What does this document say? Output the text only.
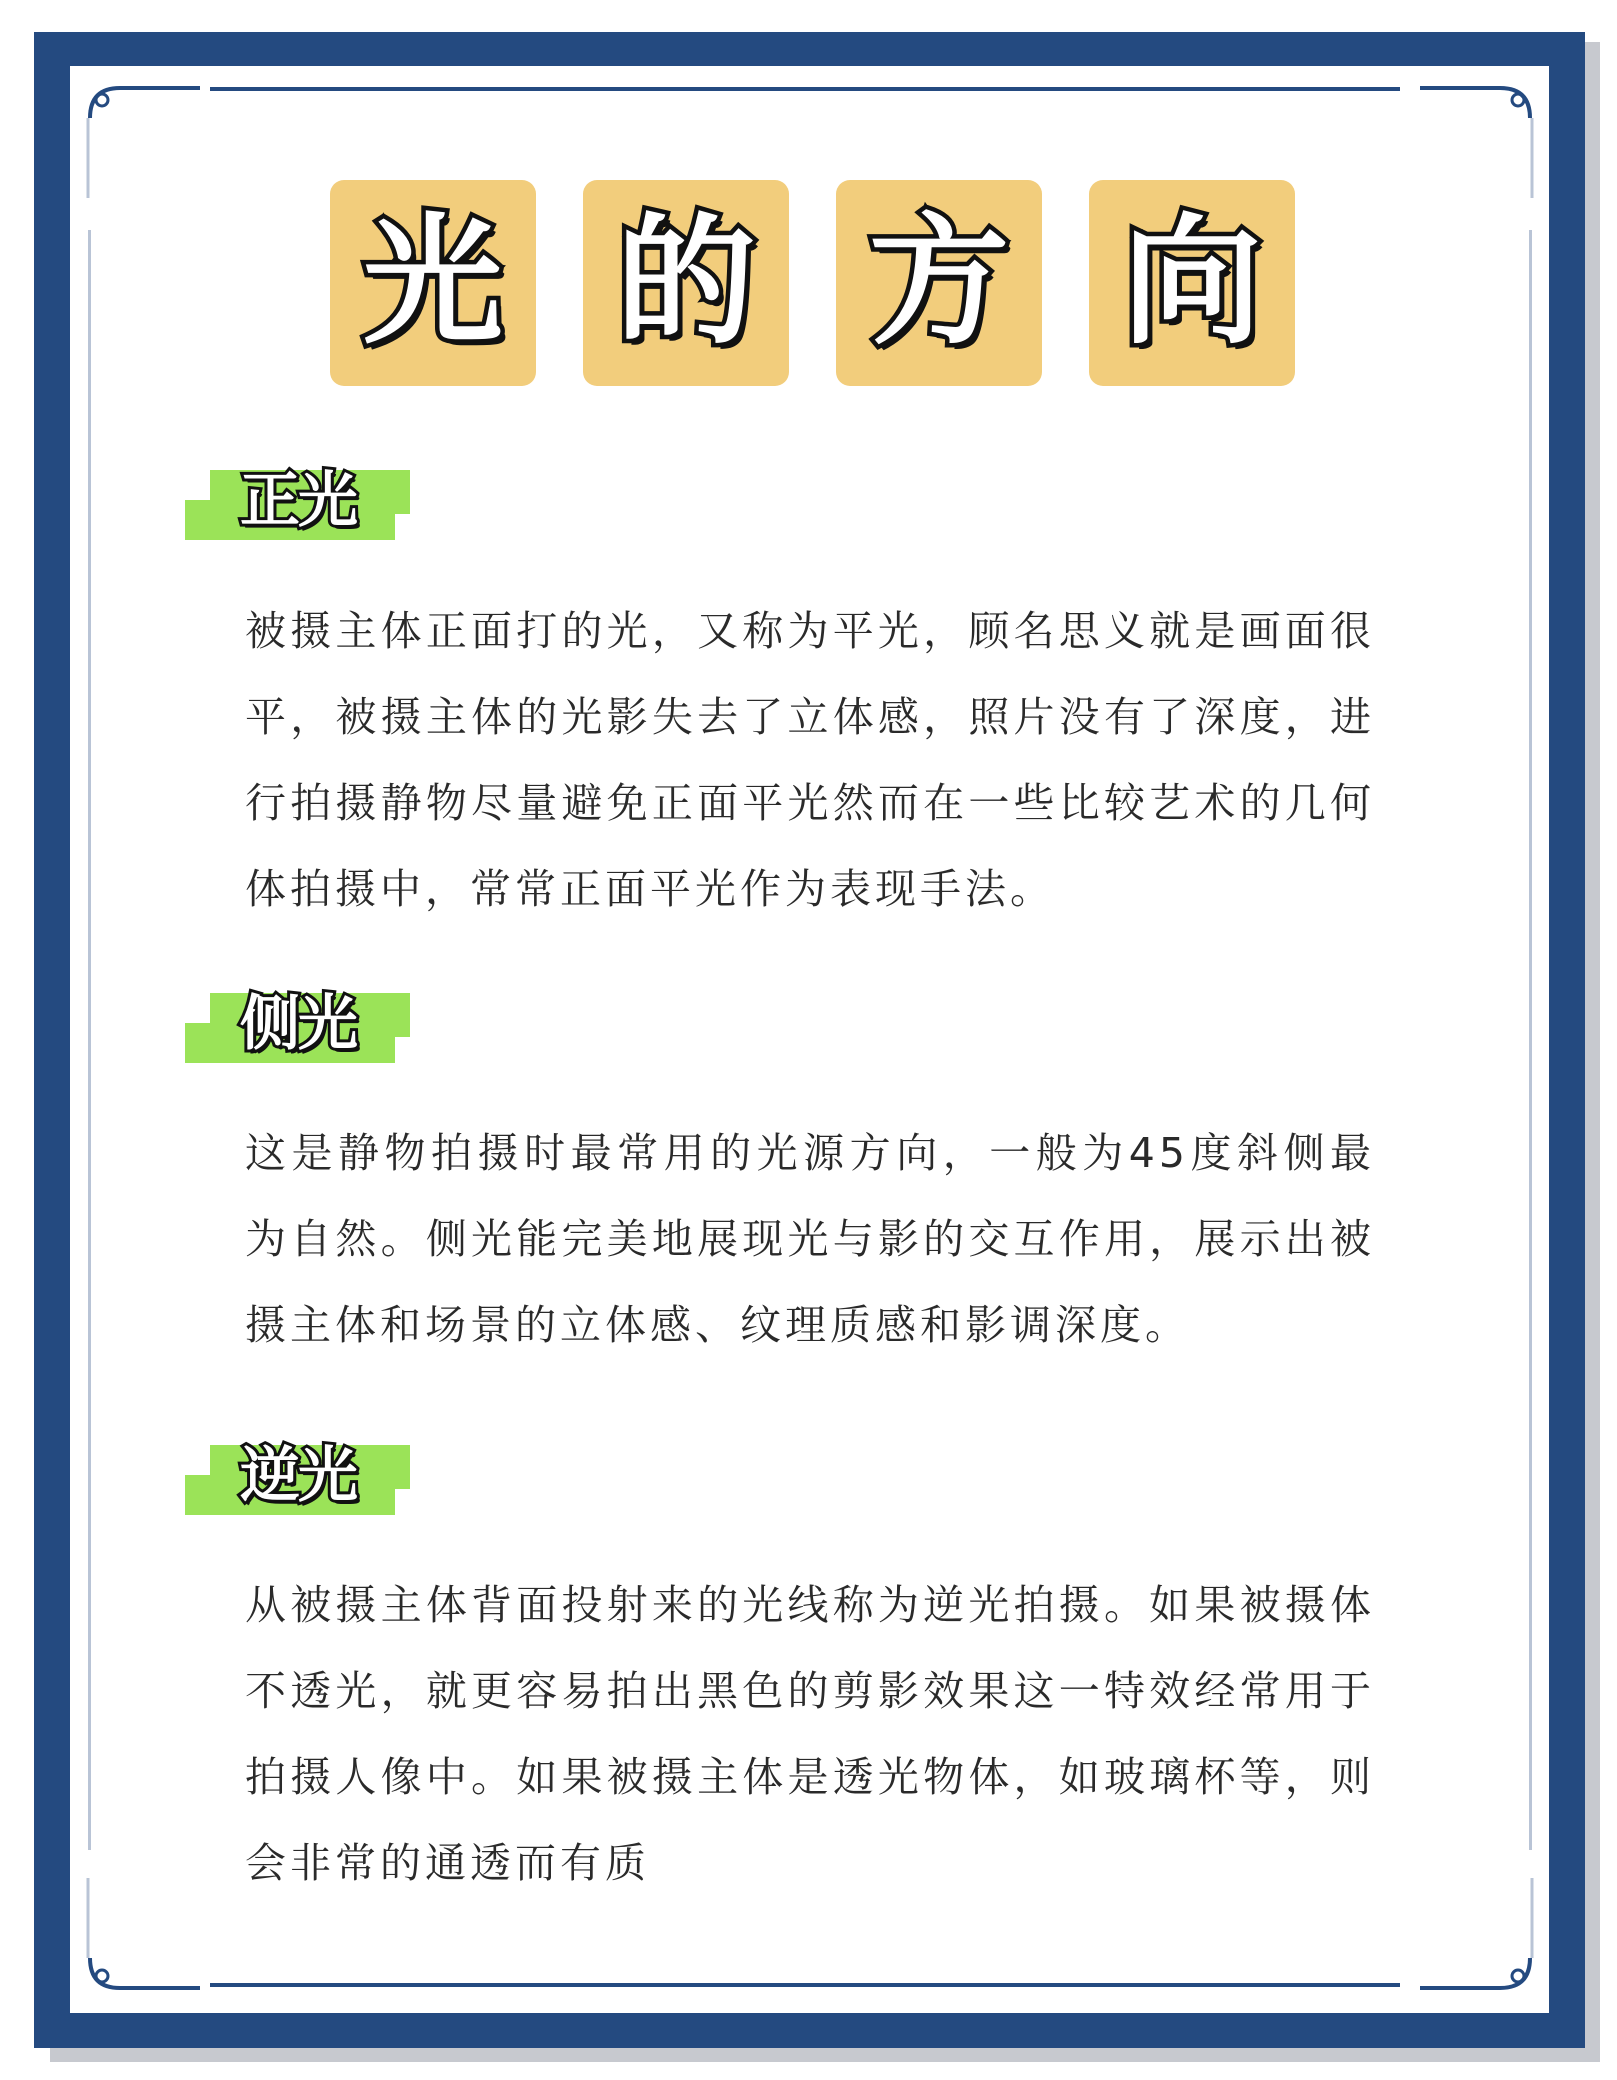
光 的 方 向
正光

被摄主体正面打的光，又称为平光，顾名思义就是画面很平，被摄主体的光影失去了立体感，照片没有了深度，进行拍摄静物尽量避免正面平光然而在一些比较艺术的几何体拍摄中，常常正面平光作为表现手法。

侧光

这是静物拍摄时最常用的光源方向，一般为45度斜侧最为自然。侧光能完美地展现光与影的交互作用，展示出被摄主体和场景的立体感、纹理质感和影调深度。

逆光

从被摄主体背面投射来的光线称为逆光拍摄。如果被摄体不透光，就更容易拍出黑色的剪影效果这一特效经常用于拍摄人像中。如果被摄主体是透光物体，如玻璃杯等，则会非常的通透而有质
